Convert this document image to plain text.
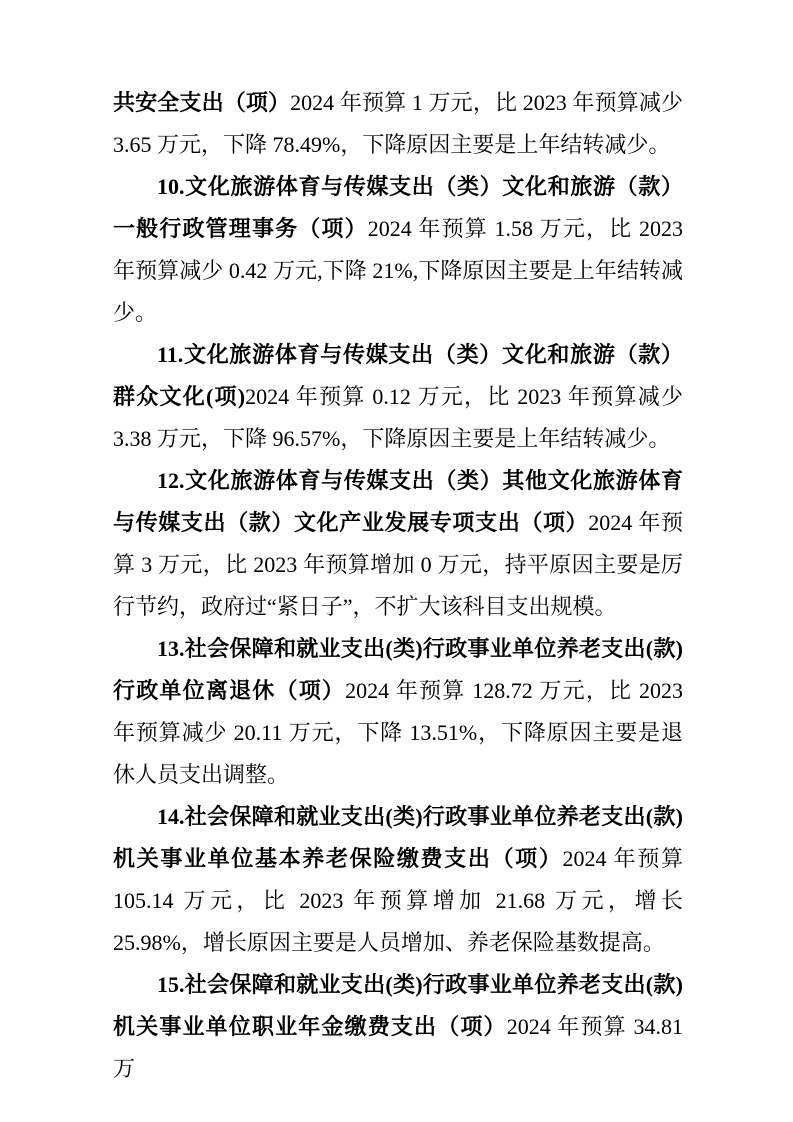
共安全支出（项）2024 年预算 1 万元，比 2023 年预算减少 3.65 万元，下降 78.49%，下降原因主要是上年结转减少。

10.文化旅游体育与传媒支出（类）文化和旅游（款）一般行政管理事务（项）2024 年预算 1.58 万元，比 2023 年预算减少 0.42 万元,下降 21%,下降原因主要是上年结转减少。

11.文化旅游体育与传媒支出（类）文化和旅游（款）群众文化(项)2024 年预算 0.12 万元，比 2023 年预算减少 3.38 万元，下降 96.57%，下降原因主要是上年结转减少。

12.文化旅游体育与传媒支出（类）其他文化旅游体育与传媒支出（款）文化产业发展专项支出（项）2024 年预算 3 万元，比 2023 年预算增加 0 万元，持平原因主要是厉行节约，政府过“紧日子”，不扩大该科目支出规模。

13.社会保障和就业支出(类)行政事业单位养老支出(款)行政单位离退休（项）2024 年预算 128.72 万元，比 2023 年预算减少 20.11 万元，下降 13.51%，下降原因主要是退休人员支出调整。

14.社会保障和就业支出(类)行政事业单位养老支出(款)机关事业单位基本养老保险缴费支出（项）2024 年预算 105.14 万元，比 2023 年预算增加 21.68 万元，增长 25.98%，增长原因主要是人员增加、养老保险基数提高。

15.社会保障和就业支出(类)行政事业单位养老支出(款)机关事业单位职业年金缴费支出（项）2024 年预算 34.81 万
